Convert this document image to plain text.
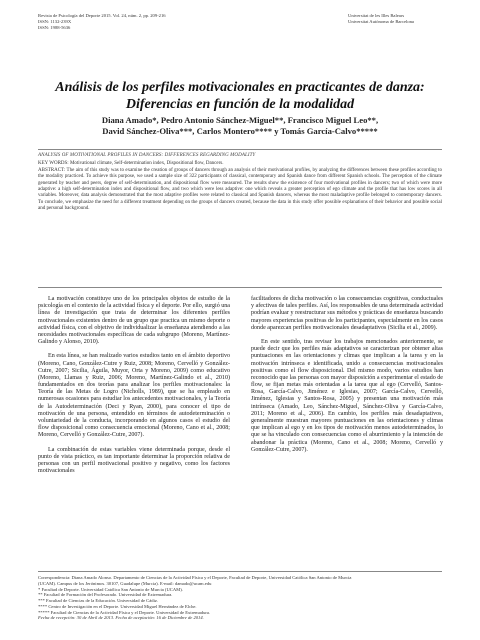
Revista de Psicología del Deporte 2015. Vol. 24, núm. 2, pp. 209-216
ISSN: 1132-239X
ISSN: 1988-5636
Universitat de les Illes Balears
Universitat Autònoma de Barcelona
Análisis de los perfiles motivacionales en practicantes de danza:
Diferencias en función de la modalidad
Diana Amado*, Pedro Antonio Sánchez-Miguel**, Francisco Miguel Leo**,
David Sánchez-Oliva***, Carlos Montero**** y Tomás García-Calvo*****
ANALYSIS OF MOTIVATIONAL PROFILES IN DANCERS: DIFFERENCES REGARDING MODALITY
KEY WORDS: Motivational climate, Self-determination index, Dispositional flow, Dancers.
ABSTRACT: The aim of this study was to examine the creation of groups of dancers through an analysis of their motivational profiles, by analyzing the differences between these profiles according to the modality practiced. To achieve this purpose, we used a sample size of 322 participants of classical, contemporary and Spanish dance from different Spanish schools. The perception of the climate generated by teacher and peers, degree of self-determination, and dispositional flow were measured. The results show the existence of four motivational profiles in dancers; two of which were more adaptive: a high self-determination index and dispositional flow, and two which were less adaptive: one which reveals a greater perception of ego climate and the profile that has low scores in all variables. Moreover, data analysis demonstrated that the most adaptive profiles were related to classical and Spanish dancers, whereas the most maladaptive profile belonged to contemporary dancers. To conclude, we emphasize the need for a different treatment depending on the groups of dancers created, because the data in this study offer possible explanations of their behavior and possible social and personal background.

La motivación constituye uno de los principales objetos de estudio de la psicología en el contexto de la actividad física y el deporte. Por ello, surgió una línea de investigación que trata de determinar los diferentes perfiles motivacionales existentes dentro de un grupo que practica un mismo deporte o actividad física, con el objetivo de individualizar la enseñanza atendiendo a las necesidades motivacionales específicas de cada subgrupo (Moreno, Martínez-Galindo y Alonso, 2010).

En esta línea, se han realizado varios estudios tanto en el ámbito deportivo (Moreno, Cano, González-Cutre y Ruiz, 2008; Moreno, Cervelló y González-Cutre, 2007; Sicilia, Águila, Muyor, Orta y Moreno, 2009) como educativo (Moreno, Llamas y Ruiz, 2006; Moreno, Martínez-Galindo et al., 2010) fundamentados en dos teorías para analizar los perfiles motivacionales: la Teoría de las Metas de Logro (Nicholls, 1989), que se ha empleado en numerosas ocasiones para estudiar los antecedentes motivacionales, y la Teoría de la Autodeterminación (Deci y Ryan, 2000), para conocer el tipo de motivación de una persona, entendido en términos de autodeterminación o voluntariedad de la conducta, incorporando en algunos casos el estudio del flow disposicional como consecuencia emocional (Moreno, Cano et al., 2008; Moreno, Cervelló y González-Cutre, 2007).

La combinación de estas variables viene determinada porque, desde el punto de vista práctico, es tan importante determinar la proporción relativa de personas con un perfil motivacional positivo y negativo, como los factores motivacionales

facilitadores de dicha motivación o las consecuencias cognitivas, conductuales y afectivas de tales perfiles. Así, los responsables de una determinada actividad podrían evaluar y reestructurar sus métodos y prácticas de enseñanza buscando mayores experiencias positivas de los participantes, especialmente en los casos donde aparezcan perfiles motivacionales desadaptativos (Sicilia et al., 2009).

En este sentido, tras revisar los trabajos mencionados anteriormente, se puede decir que los perfiles más adaptativos se caracterizan por obtener altas puntuaciones en las orientaciones y climas que implican a la tarea y en la motivación intrínseca e identificada, unido a consecuencias motivacionales positivas como el flow disposicional. Del mismo modo, varios estudios han reconocido que las personas con mayor disposición a experimentar el estado de flow, se fijan metas más orientadas a la tarea que al ego (Cervelló, Santos-Rosa, García-Calvo, Jiménez e Iglesias, 2007; García-Calvo, Cervelló, Jiménez, Iglesias y Santos-Rosa, 2005) y presentan una motivación más intrínseca (Amado, Leo, Sánchez-Miguel, Sánchez-Oliva y García-Calvo, 2011; Moreno et al., 2006). En cambio, los perfiles más desadaptativos, generalmente muestran mayores puntuaciones en las orientaciones y climas que implican al ego y en los tipos de motivación menos autodeterminados, lo que se ha vinculado con consecuencias como el aburrimiento y la intención de abandonar la práctica (Moreno, Cano et al., 2008; Moreno, Cervelló y González-Cutre, 2007).

Correspondencia: Diana Amado Alonso. Departamento de Ciencias de la Actividad Física y el Deporte, Facultad de Deporte, Universidad Católica San Antonio de Murcia
(UCAM). Campus de los Jerónimos. 30107, Guadalupe (Murcia). E-mail: damado@ucam.edu
* Facultad de Deporte. Universidad Católica San Antonio de Murcia (UCAM).
** Facultad de Formación del Profesorado. Universidad de Extremadura.
*** Facultad de Ciencias de la Educación. Universidad de Cádiz.
**** Centro de Investigación en el Deporte. Universidad Miguel Hernández de Elche.
***** Facultad de Ciencias de la Actividad Física y el Deporte. Universidad de Extremadura.
Fecha de recepción: 30 de Abril de 2013. Fecha de aceptación: 16 de Diciembre de 2014.
